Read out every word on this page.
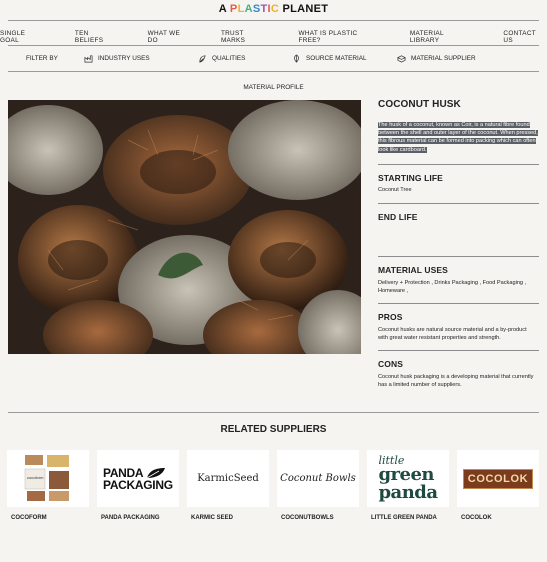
A PLASTIC PLANET
SINGLE GOAL
TEN BELIEFS
WHAT WE DO
TRUST MARKS
WHAT IS PLASTIC FREE?
MATERIAL LIBRARY
CONTACT US
FILTER BY	INDUSTRY USES	QUALITIES	SOURCE MATERIAL	MATERIAL SUPPLIER
MATERIAL PROFILE
COCONUT HUSK
The husk of a coconut, known as Coir, is a natural fibre found between the shell and outer layer of the coconut. When pressed, this fibrous material can be formed into packing which can often look like cardboard.
STARTING LIFE
Coconut Tree
END LIFE
MATERIAL USES
Delivery + Protection , Drinks Packaging , Food Packaging , Homeware ,
PROS
Coconut husks are natural source material and a by-product with great water resistant properties and strength.
CONS
Coconut husk packaging is a developing material that currently has a limited number of suppliers.
RELATED SUPPLIERS
cocoform	PANDA
PACKAGING KarmicSeed Coconut Bowls
little
green
panda
COCOLOK
COCOFORM	PANDA PACKAGING	KARMIC SEED	COCONUTBOWLS	LITTLE GREEN PANDA	COCOLOK
